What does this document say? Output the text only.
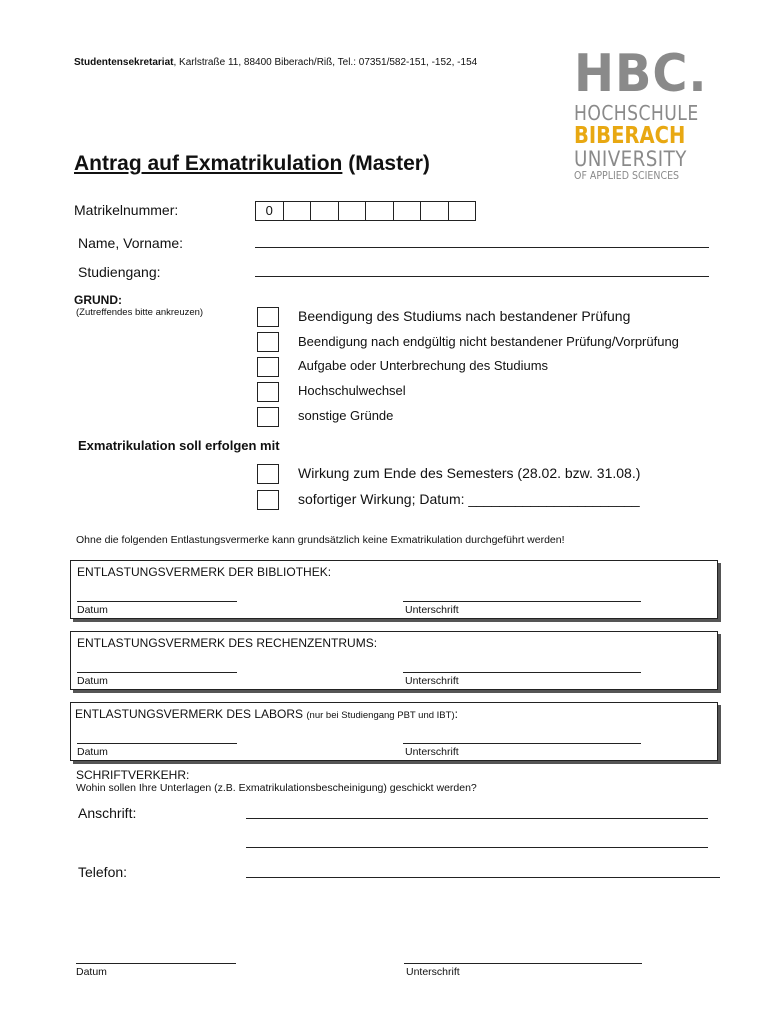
Studentensekretariat, Karlstraße 11, 88400 Biberach/Riß, Tel.: 07351/582-151, -152, -154 HBC.
HOCHSCHULE
BIBERACH
UNIVERSITY
OF APPLIED SCIENCES
Antrag auf Exmatrikulation (Master)
Matrikelnummer:	0
Name, Vorname:
Studiengang:
GRUND:
(Zutreffendes bitte ankreuzen)	Beendigung des Studiums nach bestandener Prüfung
Beendigung nach endgültig nicht bestandener Prüfung/Vorprüfung
Aufgabe oder Unterbrechung des Studiums
Hochschulwechsel
sonstige Gründe
Exmatrikulation soll erfolgen mit
Wirkung zum Ende des Semesters (28.02. bzw. 31.08.)
sofortiger Wirkung; Datum: ______________________
Ohne die folgenden Entlastungsvermerke kann grundsätzlich keine Exmatrikulation durchgeführt werden!
ENTLASTUNGSVERMERK DER BIBLIOTHEK:
Datum	Unterschrift
ENTLASTUNGSVERMERK DES RECHENZENTRUMS:
Datum	Unterschrift
ENTLASTUNGSVERMERK DES LABORS (nur bei Studiengang PBT und IBT):
Datum	Unterschrift
SCHRIFTVERKEHR:
Wohin sollen Ihre Unterlagen (z.B. Exmatrikulationsbescheinigung) geschickt werden?
Anschrift:
Telefon:
Datum	Unterschrift
